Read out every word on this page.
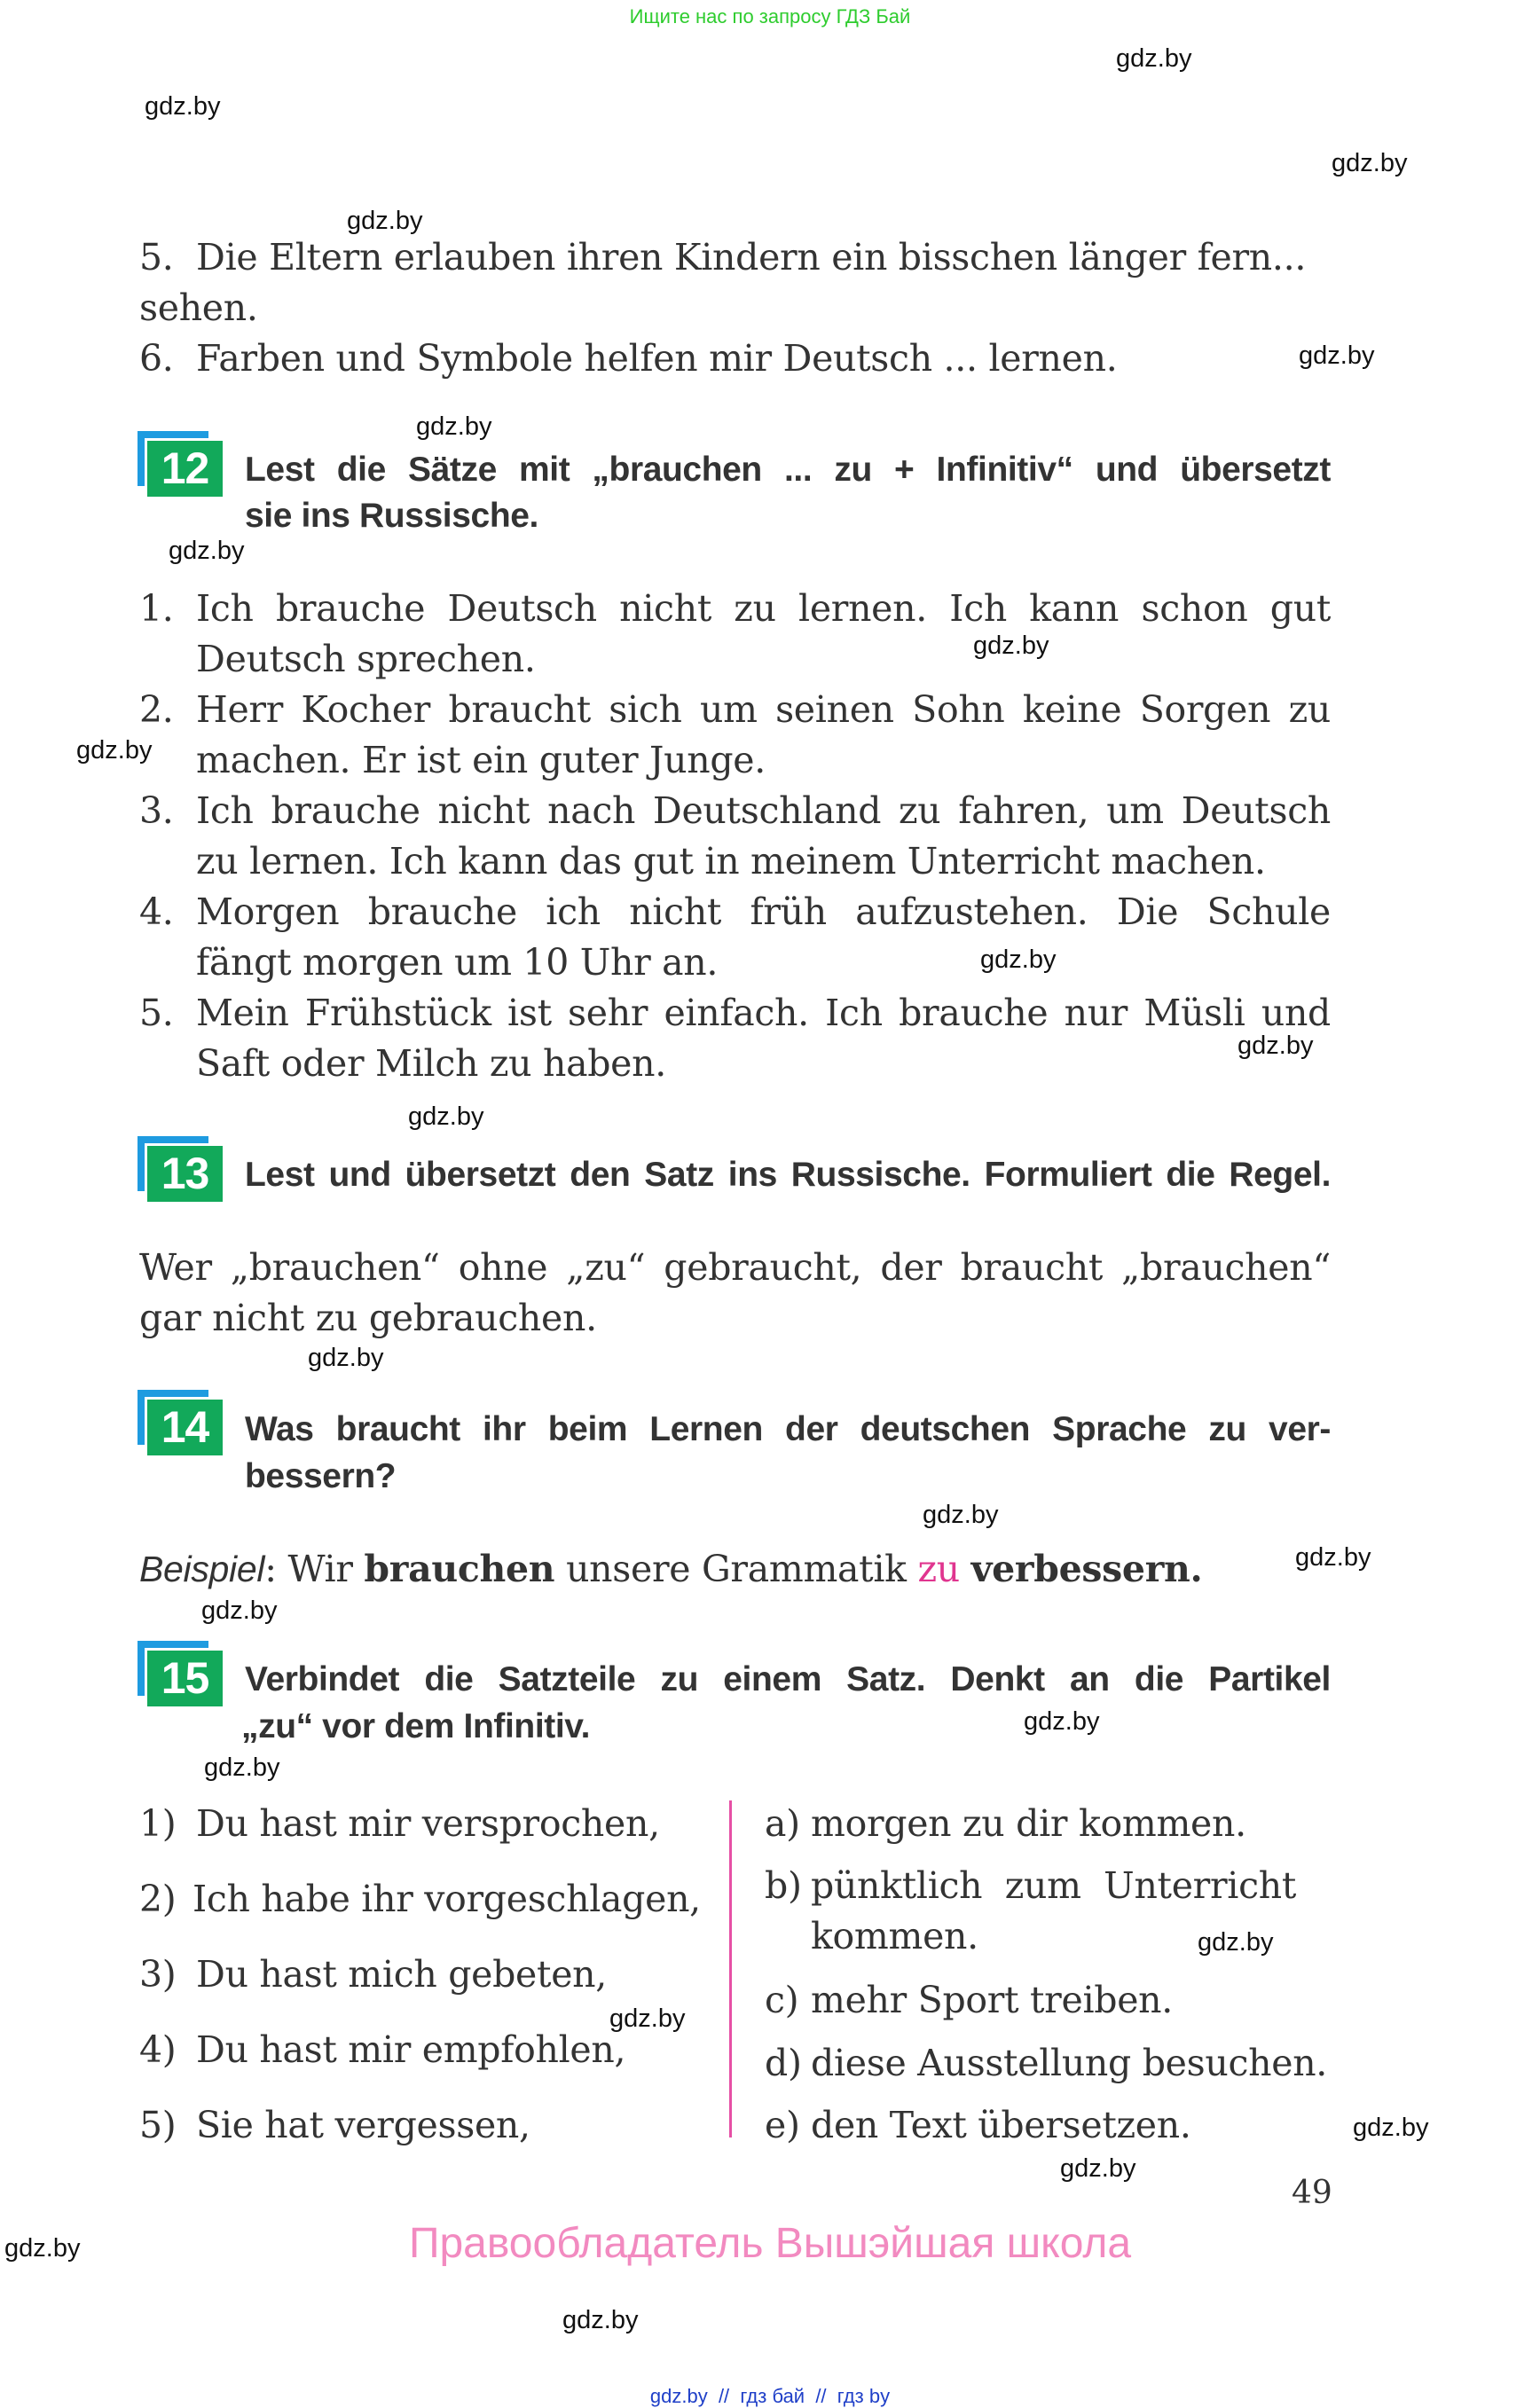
Ищите нас по запросу ГДЗ Бай
gdz.by
gdz.by
gdz.by
gdz.by
gdz.by
gdz.by
gdz.by
gdz.by
gdz.by
gdz.by
gdz.by
gdz.by
gdz.by
gdz.by
gdz.by
gdz.by
gdz.by
gdz.by
gdz.by
gdz.by
gdz.by
gdz.by
gdz.by
gdz.by
5. Die Eltern erlauben ihren Kindern ein bisschen länger fern...
sehen.
6. Farben und Symbole helfen mir Deutsch ... lernen.
12	Lest die Sätze mit „brauchen ... zu + Infinitiv“ und übersetzt
sie ins Russische.
1. Ich brauche Deutsch nicht zu lernen. Ich kann schon gut
Deutsch sprechen.
2. Herr Kocher braucht sich um seinen Sohn keine Sorgen zu
machen. Er ist ein guter Junge.
3. Ich brauche nicht nach Deutschland zu fahren, um Deutsch
zu lernen. Ich kann das gut in meinem Unterricht machen.
4. Morgen brauche ich nicht früh aufzustehen. Die Schule
fängt morgen um 10 Uhr an.
5. Mein Frühstück ist sehr einfach. Ich brauche nur Müsli und
Saft oder Milch zu haben.
13	Lest und übersetzt den Satz ins Russische. Formuliert die Regel.
Wer „brauchen“ ohne „zu“ gebraucht, der braucht „brauchen“
gar nicht zu gebrauchen.
14	Was braucht ihr beim Lernen der deutschen Sprache zu ver-
bessern?
Beispiel: Wir brauchen unsere Grammatik zu verbessern.
15	Verbindet die Satzteile zu einem Satz. Denkt an die Partikel
„zu“ vor dem Infinitiv.
1) Du hast mir versprochen,
2) Ich habe ihr vorgeschlagen,
3) Du hast mich gebeten,
4) Du hast mir empfohlen,
5) Sie hat vergessen,
a) morgen zu dir kommen.
b) pünktlich  zum  Unterricht
kommen.
c) mehr Sport treiben.
d) diese Ausstellung besuchen.
e) den Text übersetzen.
49
Правообладатель Вышэйшая школа
gdz.by  //  гдз бай  //  гдз by
